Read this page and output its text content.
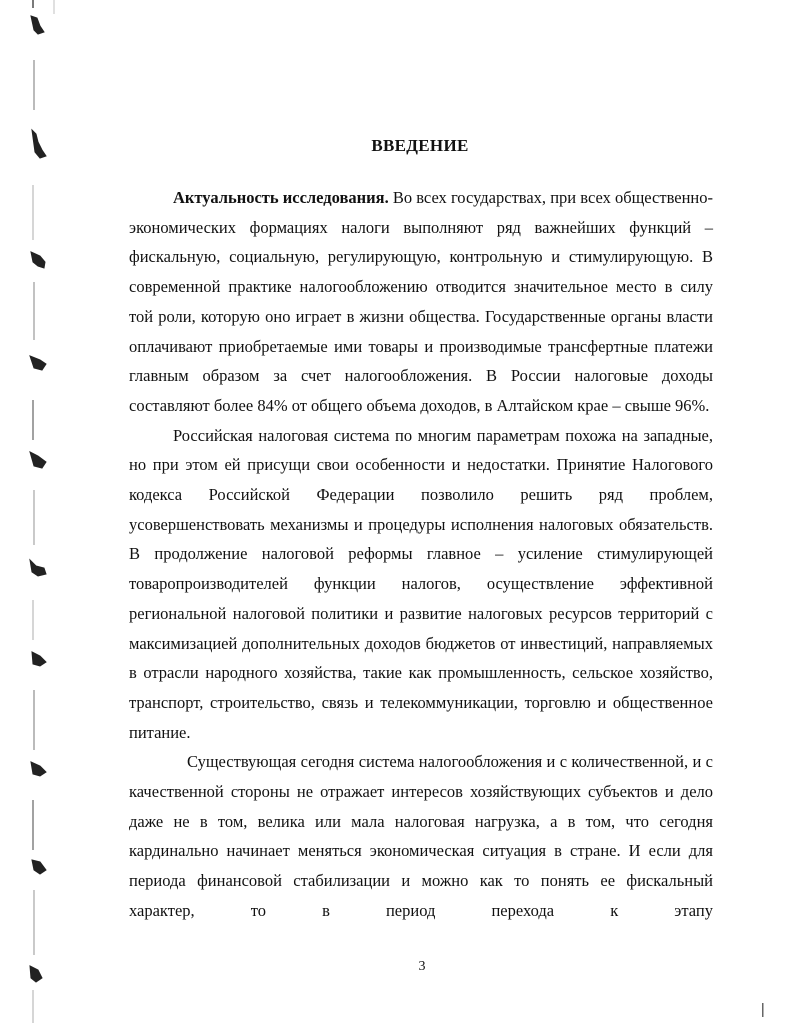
ВВЕДЕНИЕ

Актуальность исследования. Во всех государствах, при всех общественно-экономических формациях налоги выполняют ряд важнейших функций – фискальную, социальную, регулирующую, контрольную и стимулирующую. В современной практике налогообложению отводится значительное место в силу той роли, которую оно играет в жизни общества. Государственные органы власти оплачивают приобретаемые ими товары и производимые трансфертные платежи главным образом за счет налогообложения. В России налоговые доходы составляют более 84% от общего объема доходов, в Алтайском крае – свыше 96%.

Российская налоговая система по многим параметрам похожа на западные, но при этом ей присущи свои особенности и недостатки. Принятие Налогового кодекса Российской Федерации позволило решить ряд проблем, усовершенствовать механизмы и процедуры исполнения налоговых обязательств. В продолжение налоговой реформы главное – усиление стимулирующей товаропроизводителей функции налогов, осуществление эффективной региональной налоговой политики и развитие налоговых ресурсов территорий с максимизацией дополнительных доходов бюджетов от инвестиций, направляемых в отрасли народного хозяйства, такие как промышленность, сельское хозяйство, транспорт, строительство, связь и телекоммуникации, торговлю и общественное питание.

Существующая сегодня система налогообложения и с количественной, и с качественной стороны не отражает интересов хозяйствующих субъектов и дело даже не в том, велика или мала налоговая нагрузка, а в том, что сегодня кардинально начинает меняться экономическая ситуация в стране. И если для периода финансовой стабилизации и можно как то понять ее фискальный характер, то в период перехода к этапу

3
